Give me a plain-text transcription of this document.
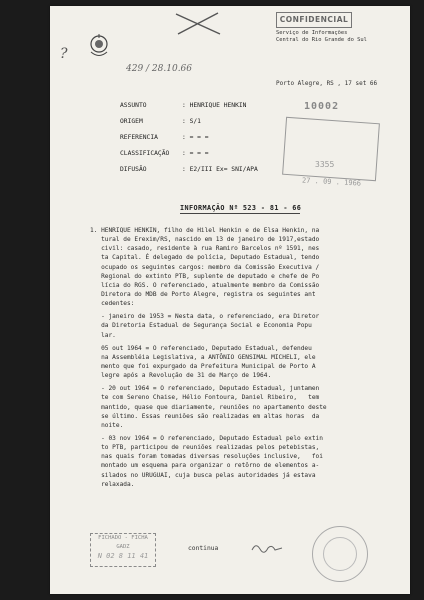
CONFIDENCIAL
Serviço de Informações
Central do Rio Grande do Sul
?
429 / 28.10.66
Porto Alegre, RS , 17 set 66
ASSUNTO	: HENRIQUE HENKIN
ORIGEM	: S/1
REFERENCIA	: = = =
CLASSIFICAÇÃO : = = =
DIFUSÃO	: E2/III Ex= SNI/APA
10002
3355
27 . 09 . 1966
INFORMAÇÃO Nº 523 - 81 - 66
1. HENRIQUE HENKIN, filho de Hilel Henkin e de Elsa Henkin, na
tural de Erexim/RS, nascido em 13 de janeiro de 1917,estado
civil: casado, residente à rua Ramiro Barcelos nº 1591, nes
ta Capital. É delegado de polícia, Deputado Estadual, tendo
ocupado os seguintes cargos: membro da Comissão Executiva /
Regional do extinto PTB, suplente de deputado e chefe de Po
lícia do RGS. O referenciado, atualmente membro da Comissão
Diretora do MDB de Porto Alegre, registra os seguintes ant
cedentes:

- janeiro de 1953 = Nesta data, o referenciado, era Diretor
da Diretoria Estadual de Segurança Social e Economia Popu
lar.

05 out 1964 = O referenciado, Deputado Estadual, defendeu
na Assembléia Legislativa, a ANTÔNIO GENSIMAL MICHELI, ele
mento que foi expurgado da Prefeitura Municipal de Porto A
legre após a Revolução de 31 de Março de 1964.

- 20 out 1964 = O referenciado, Deputado Estadual, juntamen
te com Sereno Chaise, Hélio Fontoura, Daniel Ribeiro,   tem
mantido, quase que diariamente, reuniões no apartamento deste
se último. Essas reuniões são realizadas em altas horas  da
noite.

- 03 nov 1964 = O referenciado, Deputado Estadual pelo extin
to PTB, participou de reuniões realizadas pelos petebistas,
nas quais foram tomadas diversas resoluções inclusive,   foi
montado um esquema para organizar o retôrno de elementos a-
silados no URUGUAI, cuja busca pelas autoridades já estava
relaxada.
continua
FICHADO - FICHA GADZ
N 02 8 11 41
